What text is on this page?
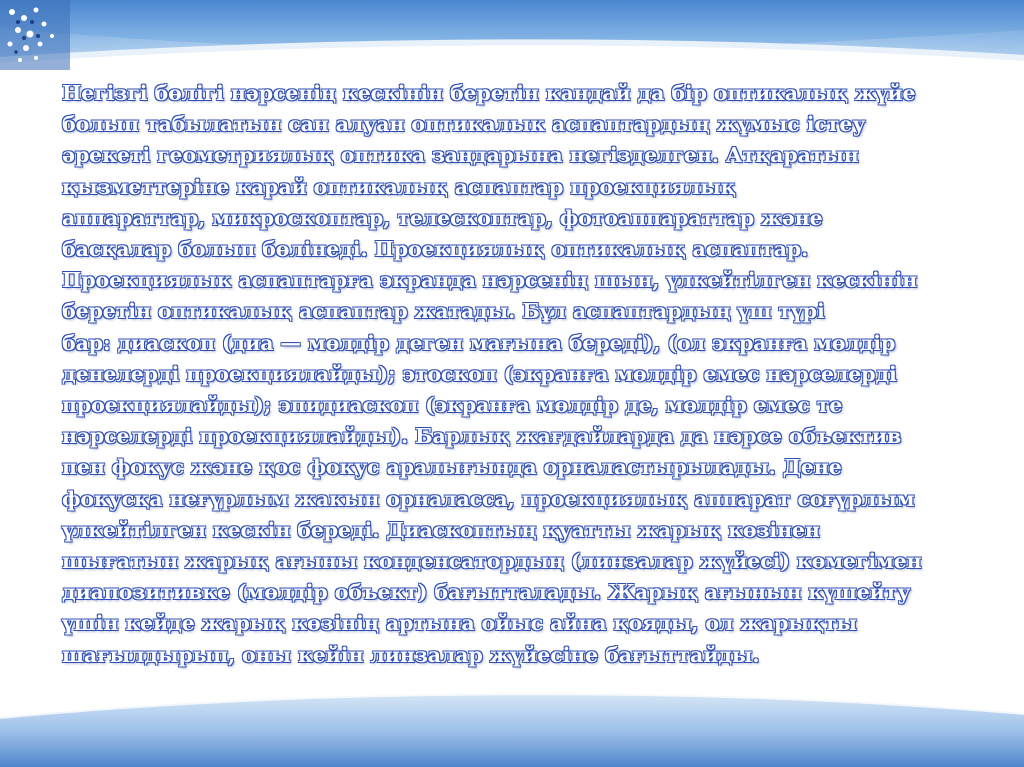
Негізгі бөлігі нәрсенің кескінін беретін кандай да бір оптикалық жүйе
болып табылатын сан алуан оптикалык аспаптардың жұмыс істеу
әрекеті геометриялық оптика заңдарына негізделген. Атқаратын
қызметтеріне карай оптикалық аспаптар проекциялық
аппараттар, микроскоптар, телескоптар, фотоаппараттар және
басқалар болып бөлінеді. Проекциялық оптикалық аспаптар.
Проекциялык аспаптарға экранда нәрсенің шын, үлкейтілген кескінін
беретін оптикалық аспаптар жатады. Бұл аспаптардың үш түрі
бар: диаскоп (диа — мөлдір деген мағына береді), (ол экранға мөлдір
денелерді проекциялайды); этоскоп (экранға мөлдір емес нәрселерді
проекциялайды); эпидиаскоп (экранға мөлдір де, мөлдір емес те
нәрселерді проекциялайды). Барлық жағдайларда да нәрсе объектив
пен фокус және қос фокус аралығында орналастырылады. Дене
фокусқа неғүрлым жакын орналасса, проекциялық аппарат соғүрлым
үлкейтілген кескін береді. Диаскоптың қуатты жарық көзінен
шығатын жарық ағыны конденсатордың (линзалар жүйесі) көмегімен
диапозитивке (мөлдір объект) бағытталады. Жарық ағынын күшейту
үшін кейде жарық көзінің артына ойыс айна қояды, ол жарықты
шағылдырып, оны кейін линзалар жүйесіне бағыттайды.
